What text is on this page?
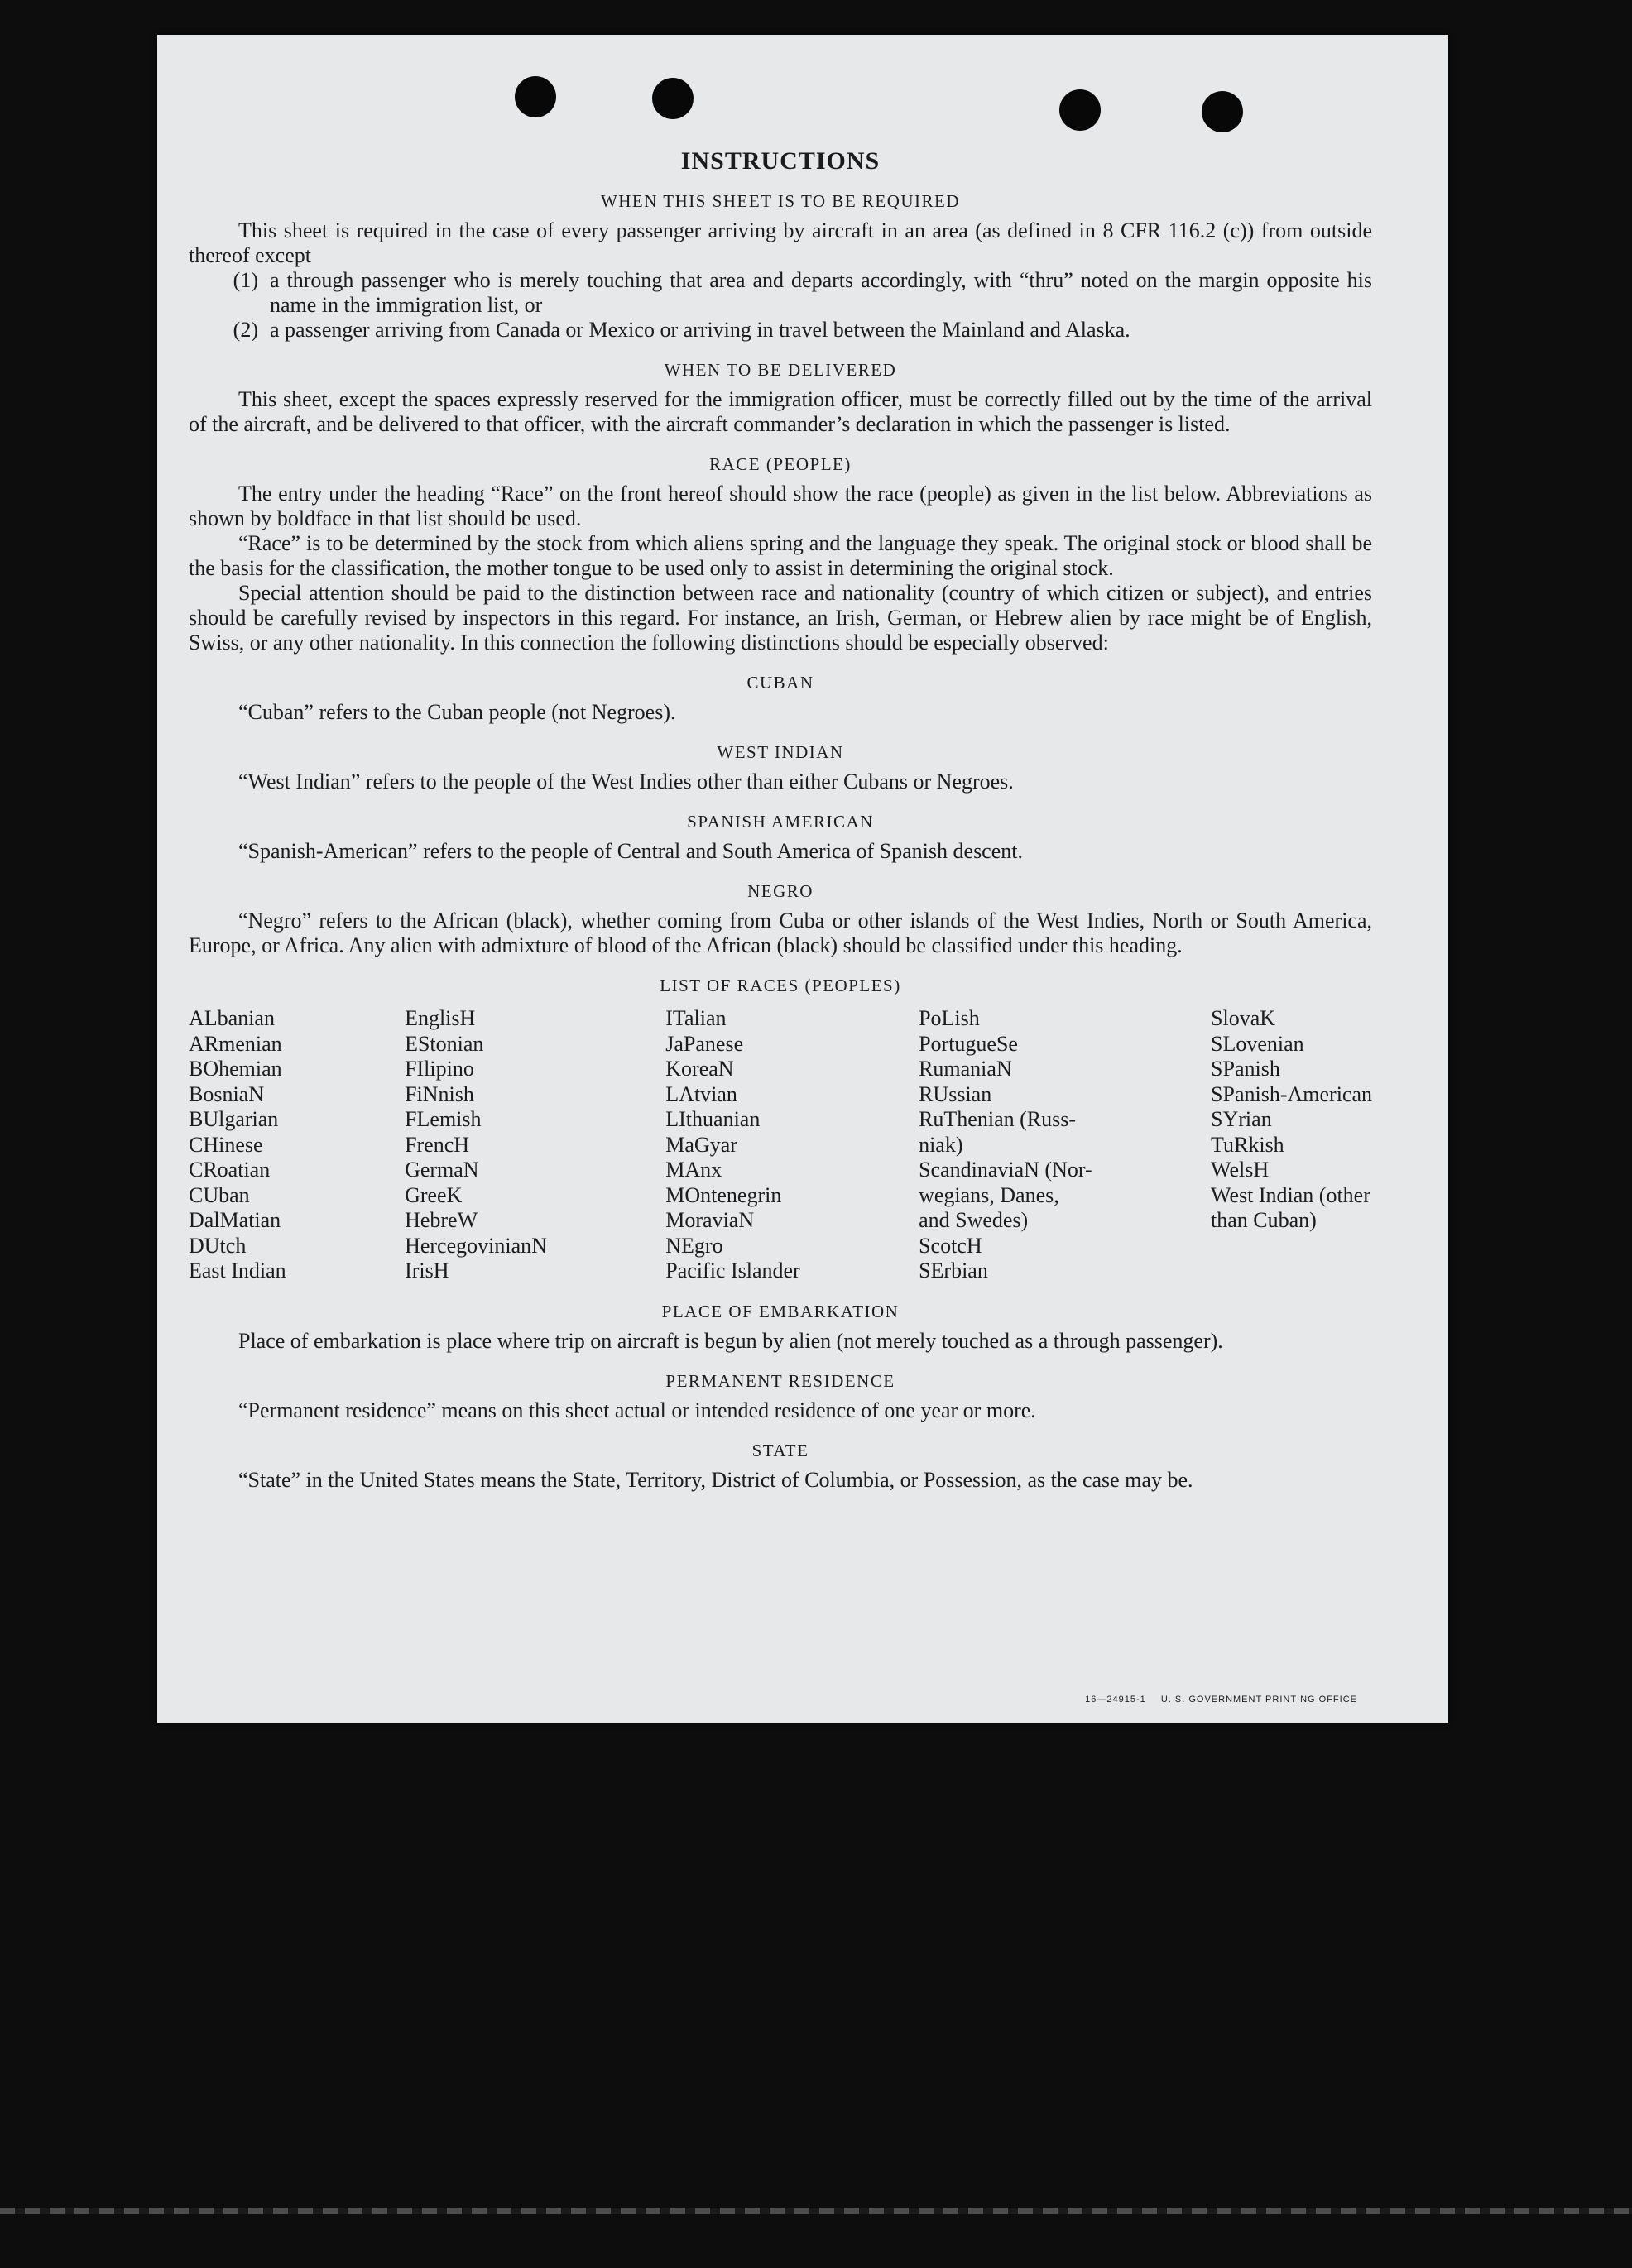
INSTRUCTIONS
WHEN THIS SHEET IS TO BE REQUIRED

This sheet is required in the case of every passenger arriving by aircraft in an area (as defined in 8 CFR 116.2 (c)) from outside thereof except

(1) a through passenger who is merely touching that area and departs accordingly, with “thru” noted on the margin opposite his name in the immigration list, or
(2) a passenger arriving from Canada or Mexico or arriving in travel between the Mainland and Alaska.
WHEN TO BE DELIVERED

This sheet, except the spaces expressly reserved for the immigration officer, must be correctly filled out by the time of the arrival of the aircraft, and be delivered to that officer, with the aircraft commander’s declaration in which the passenger is listed.

RACE (PEOPLE)

The entry under the heading “Race” on the front hereof should show the race (people) as given in the list below. Abbreviations as shown by boldface in that list should be used.

“Race” is to be determined by the stock from which aliens spring and the language they speak. The original stock or blood shall be the basis for the classification, the mother tongue to be used only to assist in determining the original stock.

Special attention should be paid to the distinction between race and nationality (country of which citizen or subject), and entries should be carefully revised by inspectors in this regard. For instance, an Irish, German, or Hebrew alien by race might be of English, Swiss, or any other nationality. In this connection the following distinctions should be especially observed:

CUBAN

“Cuban” refers to the Cuban people (not Negroes).

WEST INDIAN

“West Indian” refers to the people of the West Indies other than either Cubans or Negroes.

SPANISH AMERICAN

“Spanish-American” refers to the people of Central and South America of Spanish descent.

NEGRO

“Negro” refers to the African (black), whether coming from Cuba or other islands of the West Indies, North or South America, Europe, or Africa. Any alien with admixture of blood of the African (black) should be classified under this heading.

LIST OF RACES (PEOPLES)
ALbanian
ARmenian
BOhemian
BosniaN
BUlgarian
CHinese
CRoatian
CUban
DalMatian
DUtch
East Indian
EnglisH
EStonian
FIlipino
FiNnish
FLemish
FrencH
GermaN
GreeK
HebreW
HercegovinianN
IrisH
ITalian
JaPanese
KoreaN
LAtvian
LIthuanian
MaGyar
MAnx
MOntenegrin
MoraviaN
NEgro
Pacific Islander
PoLish
PortugueSe
RumaniaN
RUssian
RuThenian (Russ-
niak)
ScandinaviaN (Nor-
wegians, Danes,
and Swedes)
ScotcH
SErbian
SlovaK
SLovenian
SPanish
SPanish-American
SYrian
TuRkish
WelsH
West Indian (other
than Cuban)
PLACE OF EMBARKATION

Place of embarkation is place where trip on aircraft is begun by alien (not merely touched as a through passenger).

PERMANENT RESIDENCE

“Permanent residence” means on this sheet actual or intended residence of one year or more.

STATE

“State” in the United States means the State, Territory, District of Columbia, or Possession, as the case may be.

16—24915-1 U. S. GOVERNMENT PRINTING OFFICE
